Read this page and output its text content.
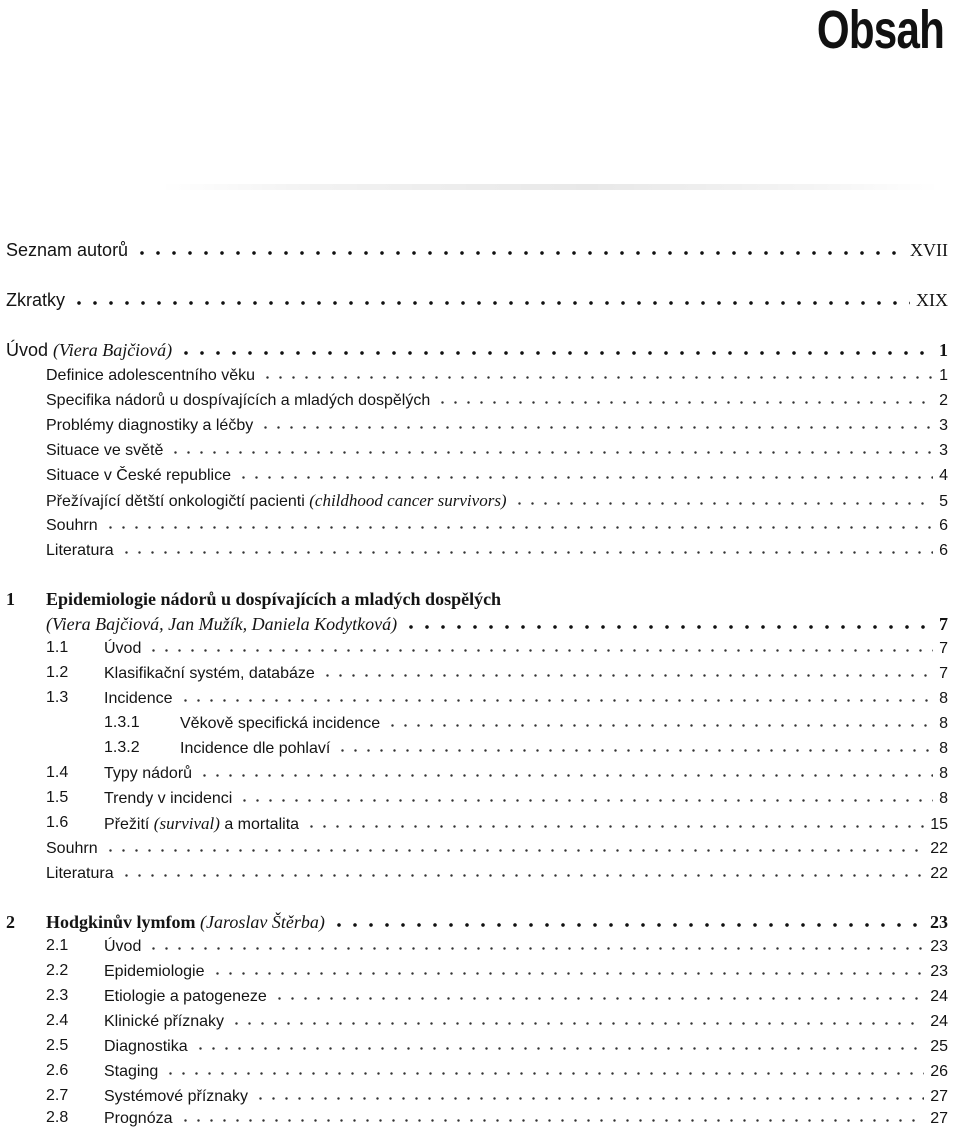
Obsah
Seznam autorů	XVII
Zkratky	XIX
Úvod (Viera Bajčiová)	1
Definice adolescentního věku	1
Specifika nádorů u dospívajících a mladých dospělých	2
Problémy diagnostiky a léčby	3
Situace ve světě	3
Situace v České republice	4
Přežívající dětští onkologičtí pacienti (childhood cancer survivors)	5
Souhrn	6
Literatura	6
1 Epidemiologie nádorů u dospívajících a mladých dospělých
(Viera Bajčiová, Jan Mužík, Daniela Kodytková)	7
1.1 Úvod	7
1.2 Klasifikační systém, databáze	7
1.3 Incidence	8
1.3.1	Věkově specifická incidence	8
1.3.2	Incidence dle pohlaví	8
1.4 Typy nádorů	8
1.5 Trendy v incidenci	8
1.6 Přežití (survival) a mortalita	15
Souhrn	22
Literatura	22
2 Hodgkinův lymfom (Jaroslav Štěrba)	23
2.1 Úvod	23
2.2 Epidemiologie	23
2.3 Etiologie a patogeneze	24
2.4 Klinické příznaky	24
2.5 Diagnostika	25
2.6 Staging	26
2.7 Systémové příznaky	27
2.8 Prognóza	27
